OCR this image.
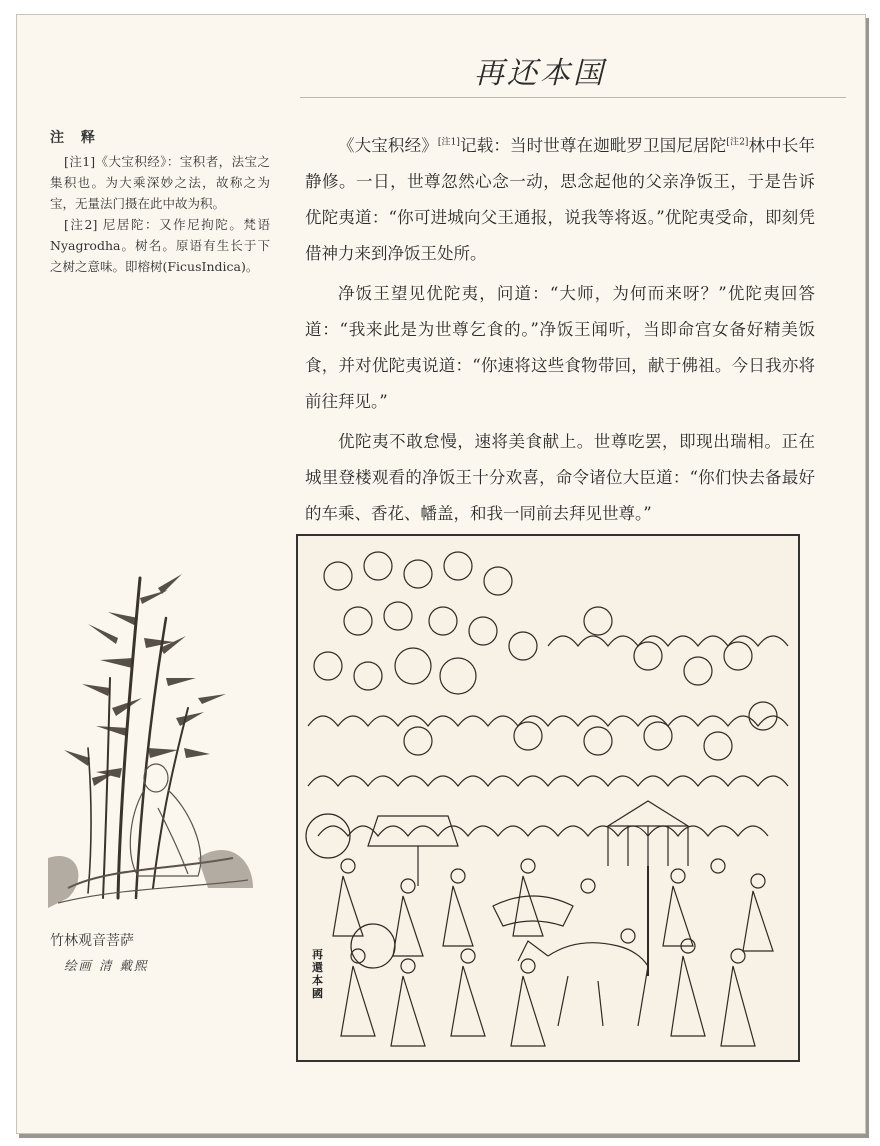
再还本国
注 释

[注1]《大宝积经》：宝积者，法宝之集积也。为大乘深妙之法，故称之为宝，无量法门摄在此中故为积。

[注2] 尼居陀：又作尼拘陀。梵语Nyagrodha。树名。原语有生长于下之树之意味。即榕树(FicusIndica)。

竹林观音菩萨
绘画 清 戴熙

《大宝积经》[注1]记载：当时世尊在迦毗罗卫国尼居陀[注2]林中长年静修。一日，世尊忽然心念一动，思念起他的父亲净饭王，于是告诉优陀夷道：“你可进城向父王通报，说我等将返。”优陀夷受命，即刻凭借神力来到净饭王处所。

净饭王望见优陀夷，问道：“大师，为何而来呀？”优陀夷回答道：“我来此是为世尊乞食的。”净饭王闻听，当即命宫女备好精美饭食，并对优陀夷说道：“你速将这些食物带回，献于佛祖。今日我亦将前往拜见。”

优陀夷不敢怠慢，速将美食献上。世尊吃罢，即现出瑞相。正在城里登楼观看的净饭王十分欢喜，命令诸位大臣道：“你们快去备最好的车乘、香花、幡盖，和我一同前去拜见世尊。”

再還本國
